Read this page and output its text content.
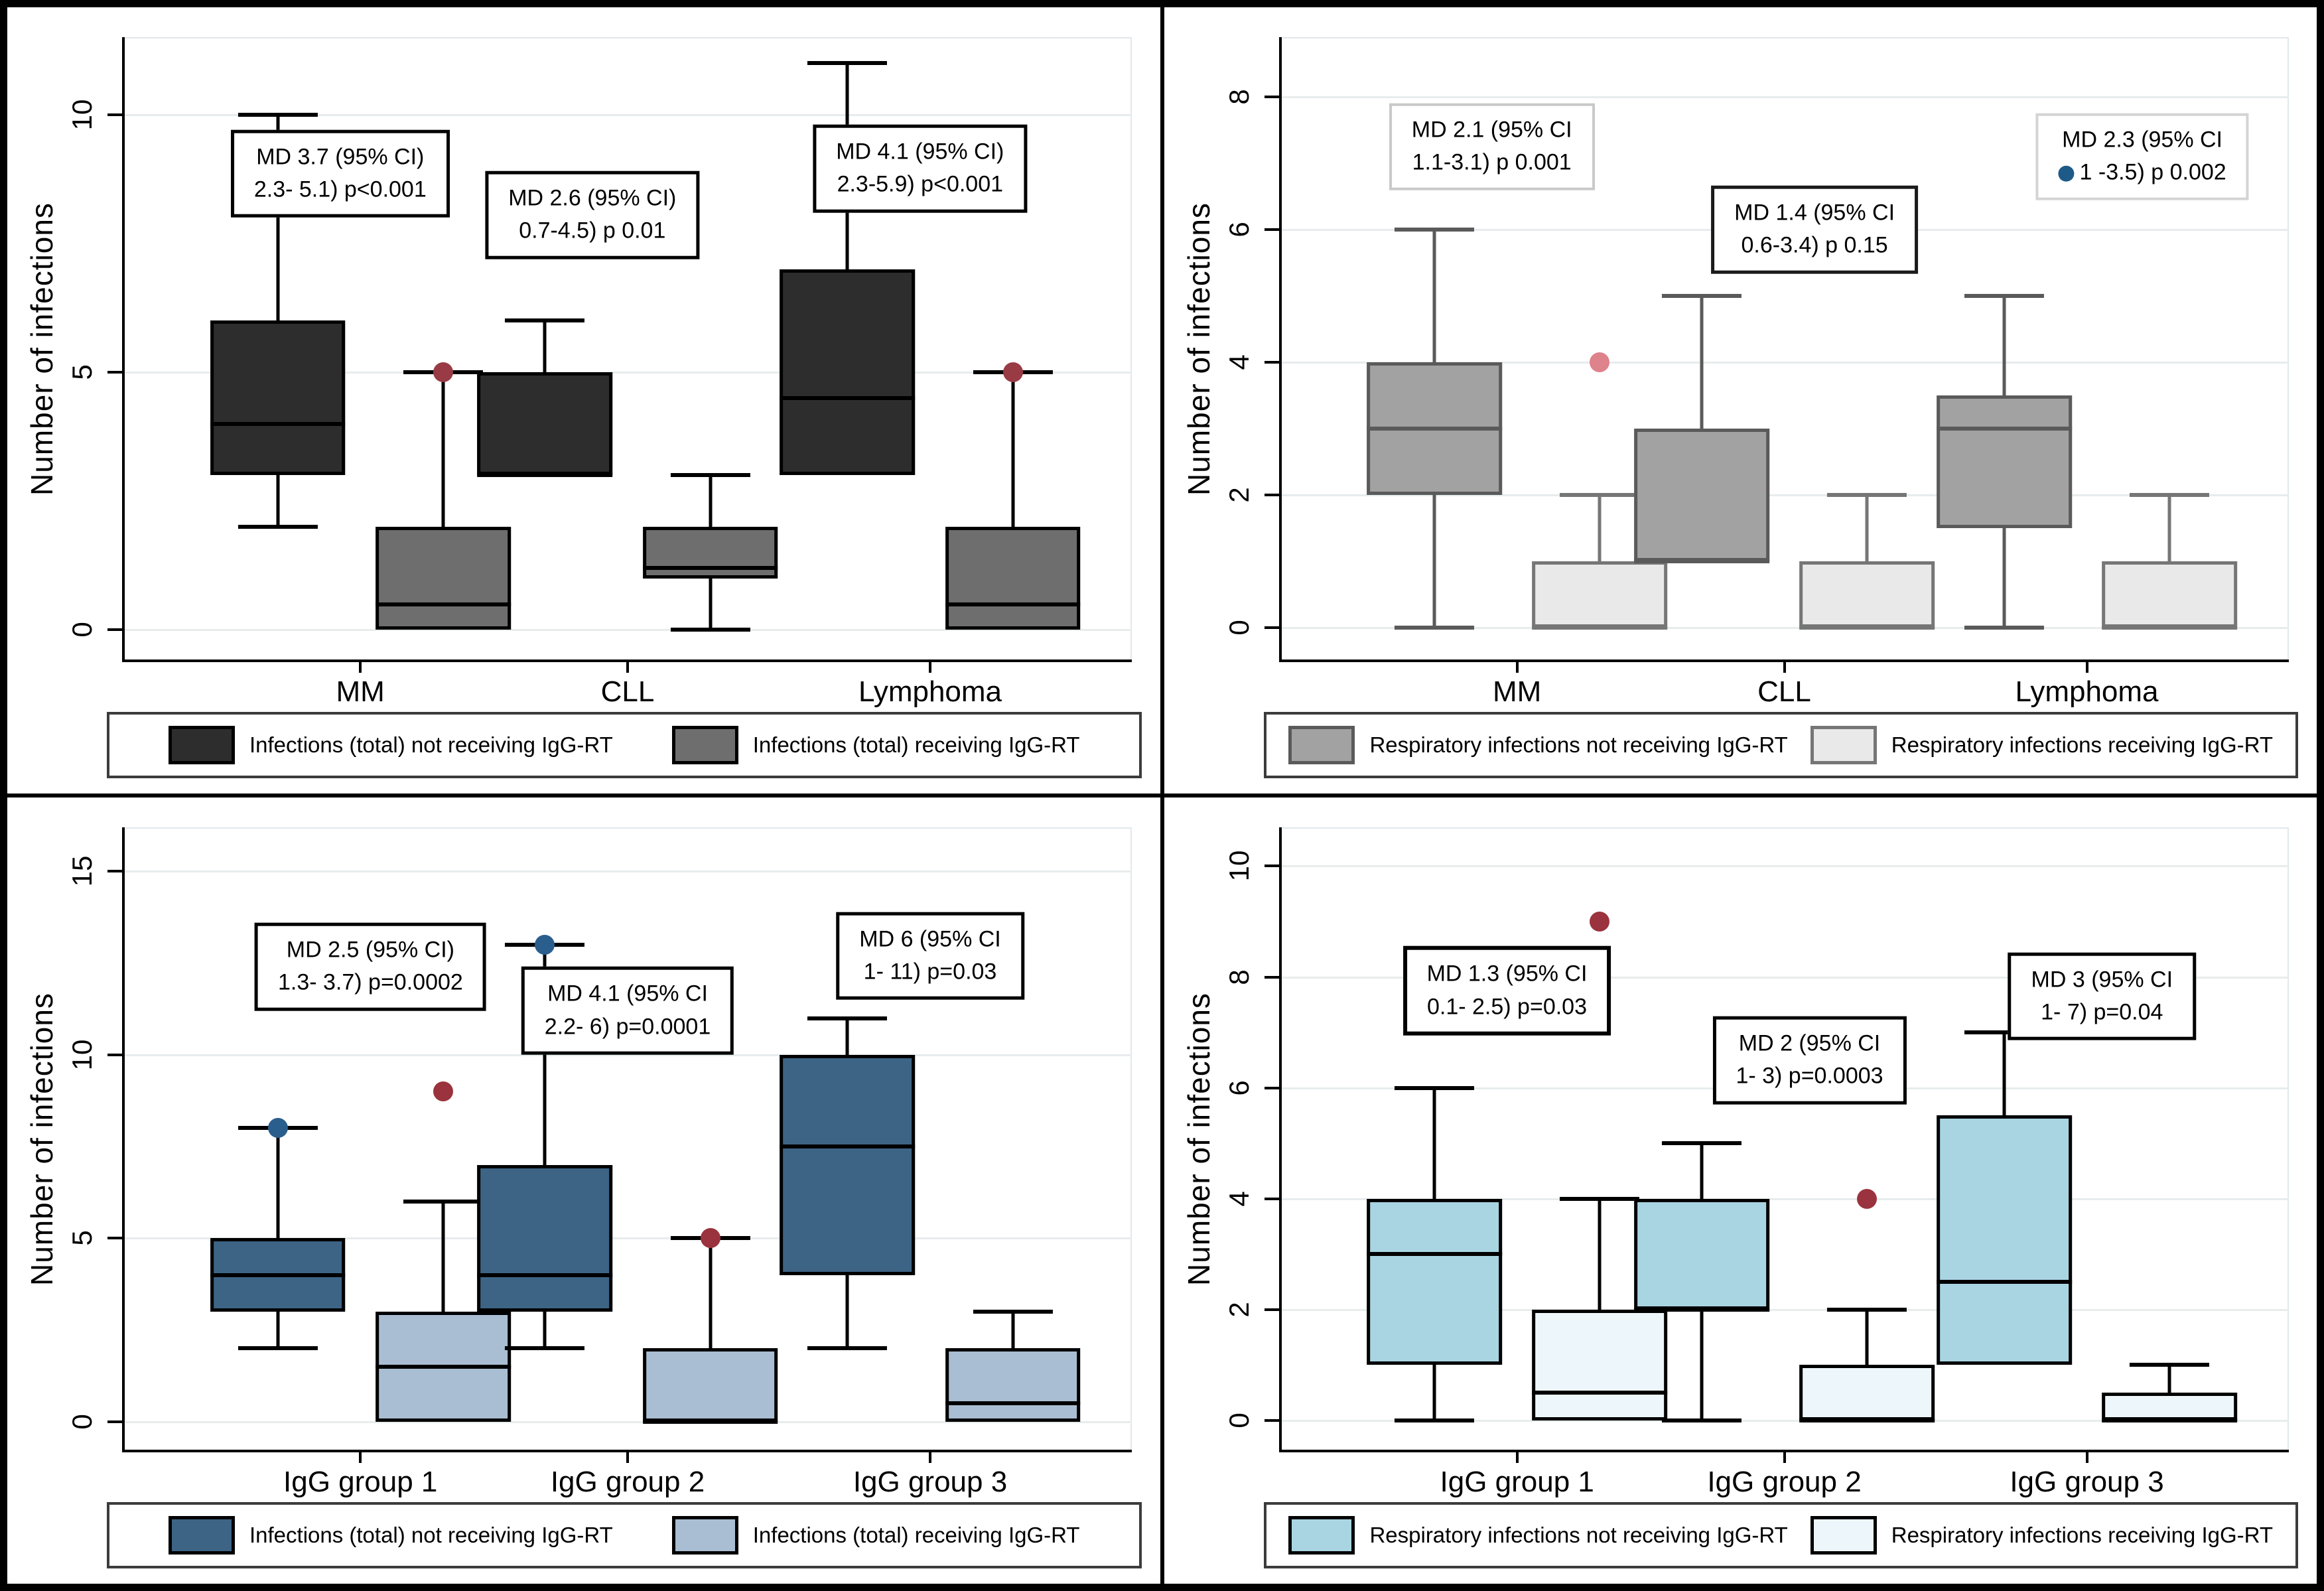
0
5
10
Number of infections
MM	CLL	Lymphoma
MD 3.7 (95% CI)
2.3- 5.1) p<0.001	MD 2.6 (95% CI)
0.7-4.5) p 0.01
MD 4.1 (95% CI)
2.3-5.9) p<0.001
Infections (total) not receiving IgG-RT	Infections (total) receiving IgG-RT
0
2
4
6
8
Number of infections
MM	CLL	Lymphoma
MD 2.1 (95% CI
1.1-3.1) p 0.001
MD 1.4 (95% CI
0.6-3.4) p 0.15
MD 2.3 (95% CI
1 -3.5) p 0.002
Respiratory infections not receiving IgG-RT	Respiratory infections receiving IgG-RT
0
5
10
15
Number of infections
IgG group 1	IgG group 2	IgG group 3
MD 2.5 (95% CI)
1.3- 3.7) p=0.0002	MD 4.1 (95% CI
2.2- 6) p=0.0001
MD 6 (95% CI
1- 11) p=0.03
Infections (total) not receiving IgG-RT	Infections (total) receiving IgG-RT
0
2
4
6
8
10
Number of infections
IgG group 1	IgG group 2	IgG group 3
MD 1.3 (95% CI
0.1- 2.5) p=0.03
MD 2 (95% CI
1- 3) p=0.0003
MD 3 (95% CI
1- 7) p=0.04
Respiratory infections not receiving IgG-RT	Respiratory infections receiving IgG-RT
